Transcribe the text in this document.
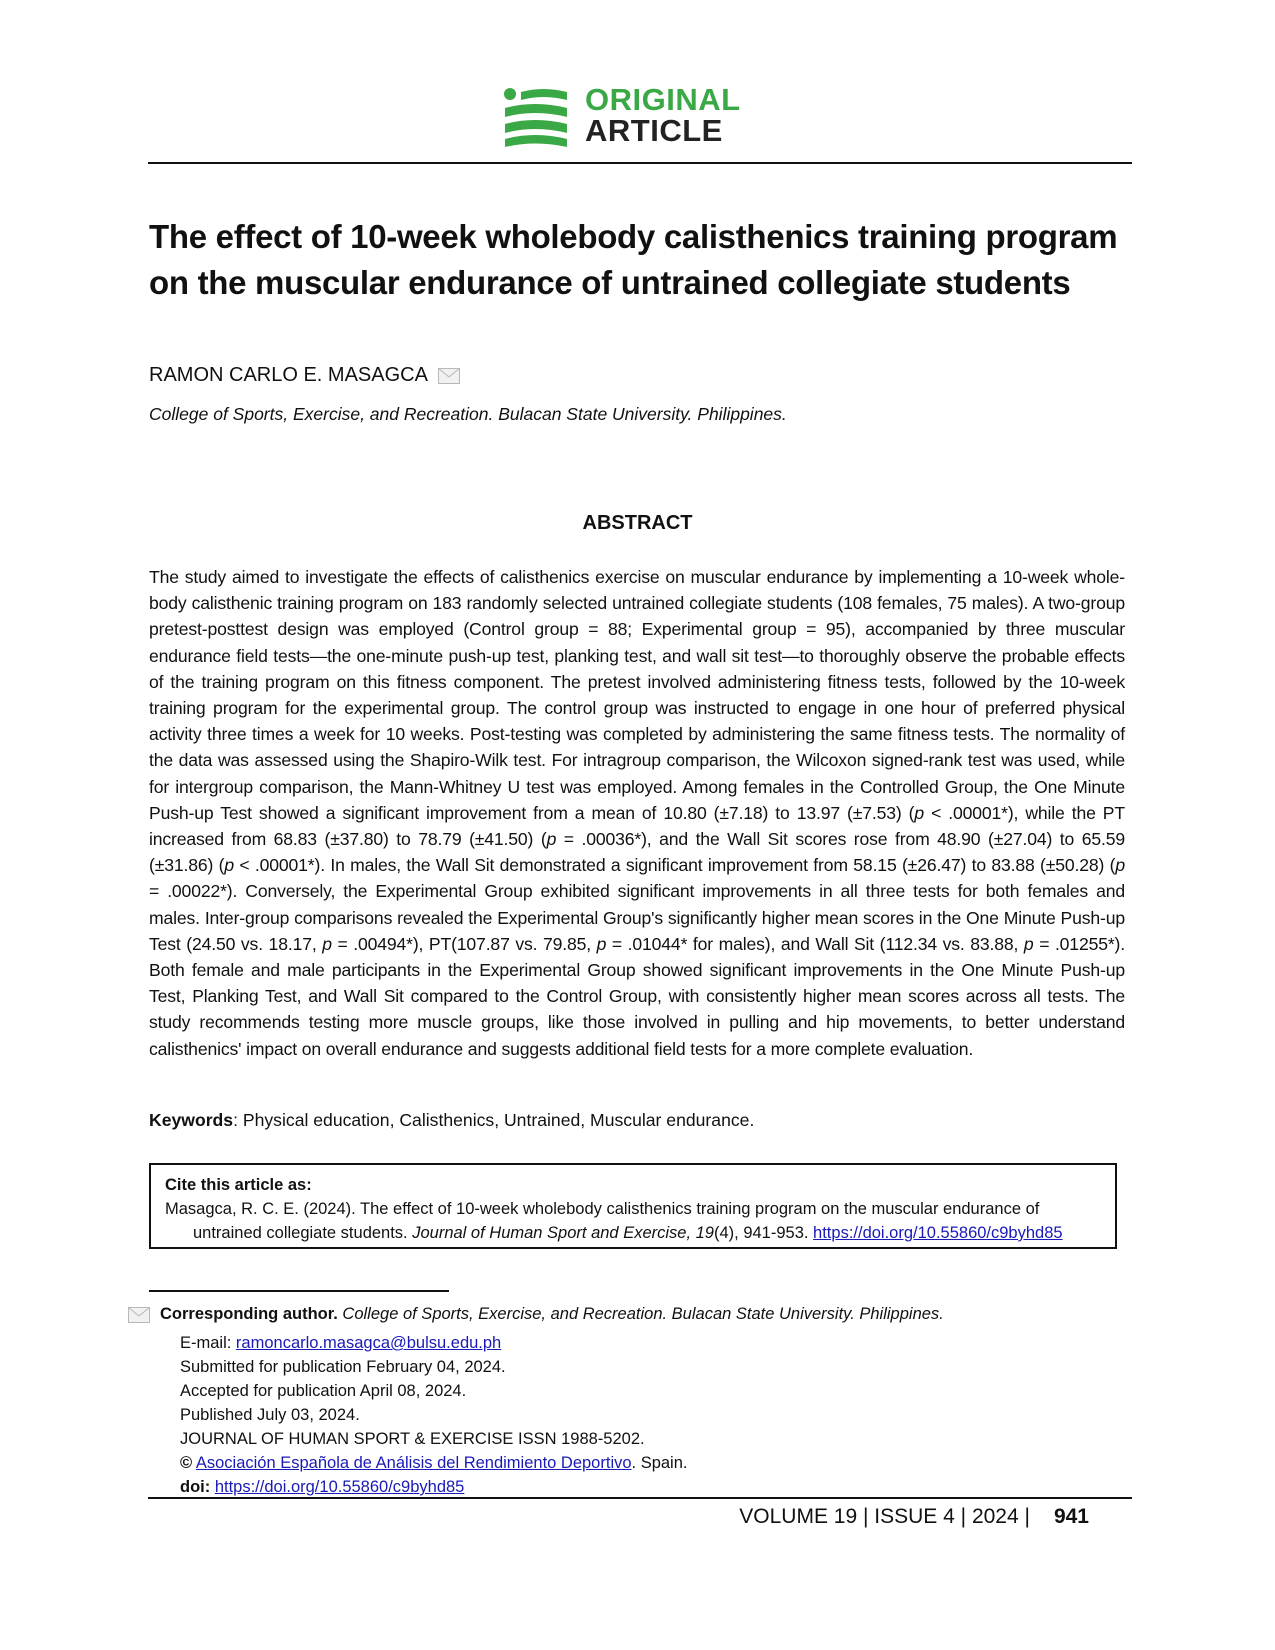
ORIGINAL
ARTICLE
The effect of 10-week wholebody calisthenics training program on the muscular endurance of untrained collegiate students
RAMON CARLO E. MASAGCA
College of Sports, Exercise, and Recreation. Bulacan State University. Philippines.
ABSTRACT

The study aimed to investigate the effects of calisthenics exercise on muscular endurance by implementing a 10-week whole-body calisthenic training program on 183 randomly selected untrained collegiate students (108 females, 75 males). A two-group pretest-posttest design was employed (Control group = 88; Experimental group = 95), accompanied by three muscular endurance field tests—the one-minute push-up test, planking test, and wall sit test—to thoroughly observe the probable effects of the training program on this fitness component. The pretest involved administering fitness tests, followed by the 10-week training program for the experimental group. The control group was instructed to engage in one hour of preferred physical activity three times a week for 10 weeks. Post-testing was completed by administering the same fitness tests. The normality of the data was assessed using the Shapiro-Wilk test. For intragroup comparison, the Wilcoxon signed-rank test was used, while for intergroup comparison, the Mann-Whitney U test was employed. Among females in the Controlled Group, the One Minute Push-up Test showed a significant improvement from a mean of 10.80 (±7.18) to 13.97 (±7.53) (p < .00001*), while the PT increased from 68.83 (±37.80) to 78.79 (±41.50) (p = .00036*), and the Wall Sit scores rose from 48.90 (±27.04) to 65.59 (±31.86) (p < .00001*). In males, the Wall Sit demonstrated a significant improvement from 58.15 (±26.47) to 83.88 (±50.28) (p = .00022*). Conversely, the Experimental Group exhibited significant improvements in all three tests for both females and males. Inter-group comparisons revealed the Experimental Group's significantly higher mean scores in the One Minute Push-up Test (24.50 vs. 18.17, p = .00494*), PT(107.87 vs. 79.85, p = .01044* for males), and Wall Sit (112.34 vs. 83.88, p = .01255*). Both female and male participants in the Experimental Group showed significant improvements in the One Minute Push-up Test, Planking Test, and Wall Sit compared to the Control Group, with consistently higher mean scores across all tests. The study recommends testing more muscle groups, like those involved in pulling and hip movements, to better understand calisthenics' impact on overall endurance and suggests additional field tests for a more complete evaluation.

Keywords: Physical education, Calisthenics, Untrained, Muscular endurance.
Cite this article as:
Masagca, R. C. E. (2024). The effect of 10-week wholebody calisthenics training program on the muscular endurance of untrained collegiate students. Journal of Human Sport and Exercise, 19(4), 941-953. https://doi.org/10.55860/c9byhd85
Corresponding author. College of Sports, Exercise, and Recreation. Bulacan State University. Philippines.
E-mail: ramoncarlo.masagca@bulsu.edu.ph
Submitted for publication February 04, 2024.
Accepted for publication April 08, 2024.
Published July 03, 2024.
JOURNAL OF HUMAN SPORT & EXERCISE ISSN 1988-5202.
© Asociación Española de Análisis del Rendimiento Deportivo. Spain.
doi: https://doi.org/10.55860/c9byhd85
VOLUME 19 | ISSUE 4 | 2024 | 941
